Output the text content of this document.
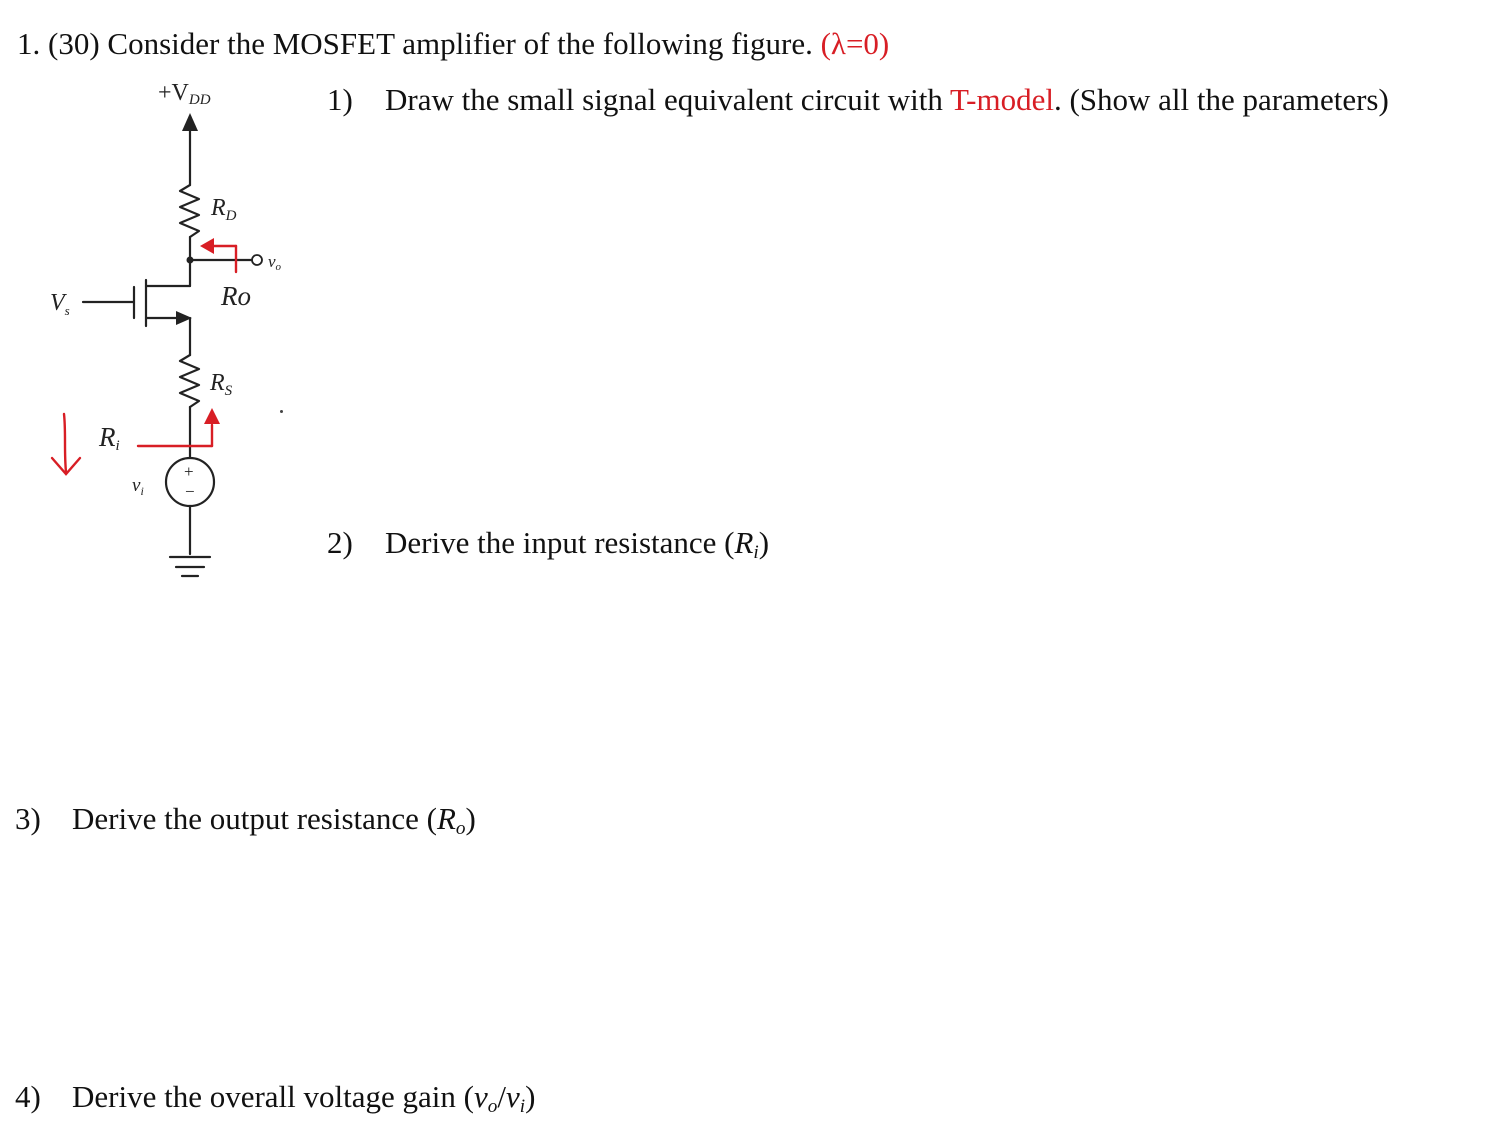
1. (30) Consider the MOSFET amplifier of the following figure. (λ=0)
1) Draw the small signal equivalent circuit with T-model. (Show all the parameters)
2) Derive the input resistance $(R_i)$
3) Derive the output resistance $(R_o)$
4) Derive the overall voltage gain $(v_o/v_i)$
+
−
+VDD
$R_D$
vo
Ro
$V_s$
$R_S$
Ri
$v_i$
